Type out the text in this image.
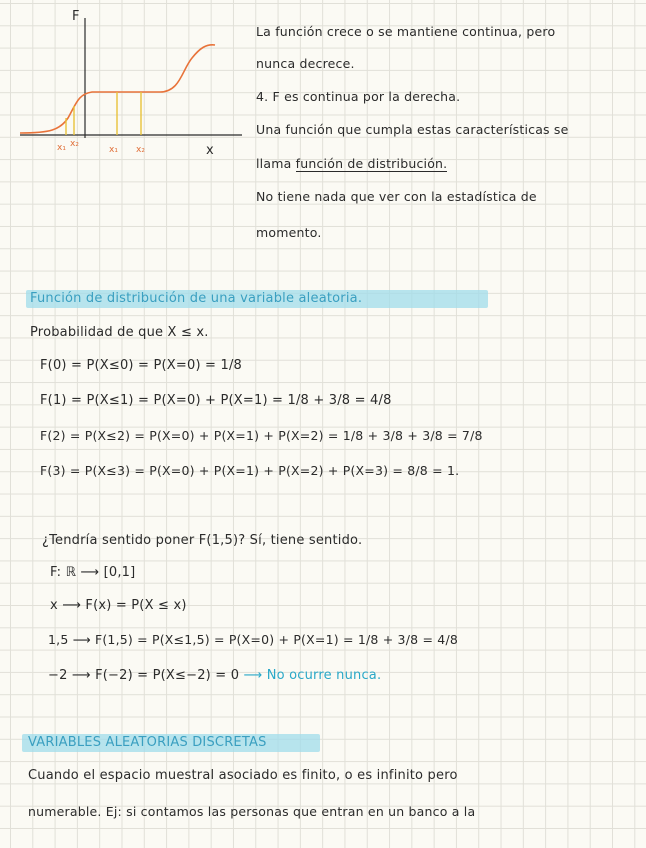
F
x
x₁ x₂
x₁ x₂
La función crece o se mantiene continua, pero
nunca decrece.
4. F es continua por la derecha.
Una función que cumpla estas características se
llama función de distribución.
No tiene nada que ver con la estadística de
momento.
Función de distribución de una variable aleatoria.
Probabilidad de que X ≤ x.
F(0) = P(X≤0) = P(X=0) = 1/8
F(1) = P(X≤1) = P(X=0) + P(X=1) = 1/8 + 3/8 = 4/8
F(2) = P(X≤2) = P(X=0) + P(X=1) + P(X=2) = 1/8 + 3/8 + 3/8 = 7/8
F(3) = P(X≤3) = P(X=0) + P(X=1) + P(X=2) + P(X=3) = 8/8 = 1.
¿Tendría sentido poner F(1,5)? Sí, tiene sentido.
F: ℝ ⟶ [0,1]
x ⟶ F(x) = P(X ≤ x)
1,5 ⟶ F(1,5) = P(X≤1,5) = P(X=0) + P(X=1) = 1/8 + 3/8 = 4/8
−2 ⟶ F(−2) = P(X≤−2) = 0 ⟶ No ocurre nunca.
VARIABLES ALEATORIAS DISCRETAS
Cuando el espacio muestral asociado es finito, o es infinito pero
numerable. Ej: si contamos las personas que entran en un banco a la
